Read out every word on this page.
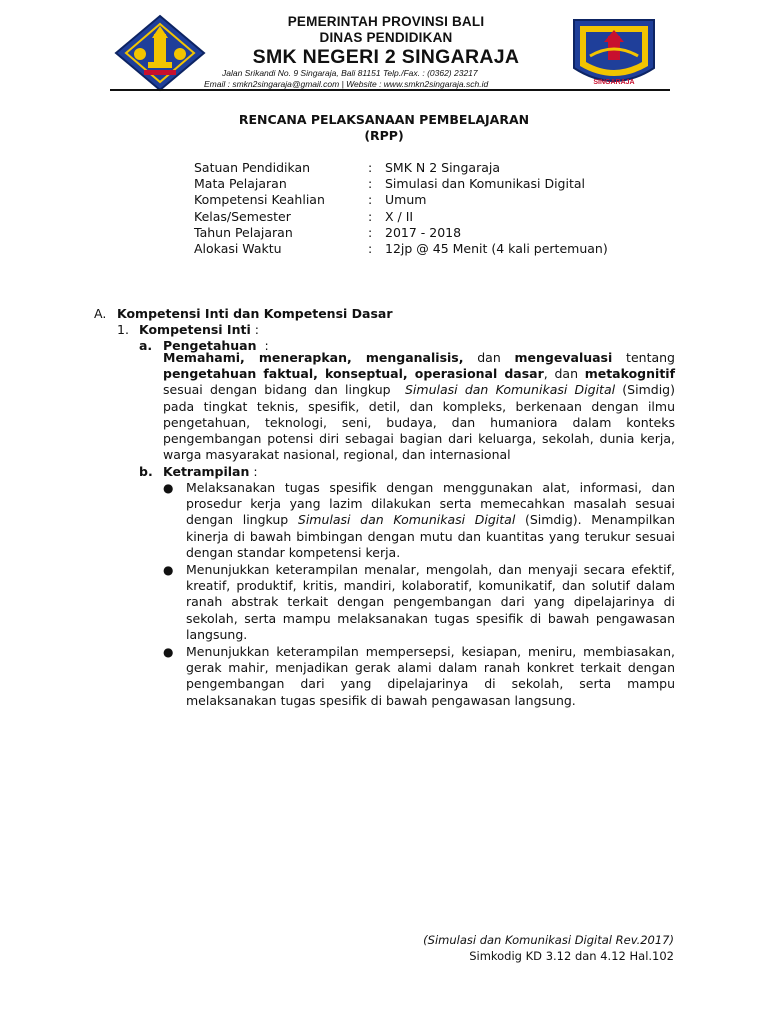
PEMERINTAH PROVINSI BALI
DINAS PENDIDIKAN
SMK NEGERI 2 SINGARAJA
Jalan Srikandi No. 9 Singaraja, Bali 81151 Telp./Fax. : (0362) 23217
Email : smkn2singaraja@gmail.com | Website : www.smkn2singaraja.sch.id	SINGARAJA
RENCANA PELAKSANAAN PEMBELAJARAN
(RPP)
Satuan Pendidikan	: SMK N 2 Singaraja
Mata Pelajaran	: Simulasi dan Komunikasi Digital
Kompetensi Keahlian	: Umum
Kelas/Semester	: X / II
Tahun Pelajaran	: 2017 - 2018
Alokasi Waktu	: 12jp @ 45 Menit (4 kali pertemuan)
A. Kompetensi Inti dan Kompetensi Dasar
1. Kompetensi Inti :
a. Pengetahuan  :
Memahami, menerapkan, menganalisis, dan mengevaluasi tentang pengetahuan faktual, konseptual, operasional dasar, dan metakognitif sesuai dengan bidang dan lingkup  Simulasi dan Komunikasi Digital (Simdig) pada tingkat teknis, spesifik, detil, dan kompleks, berkenaan dengan ilmu pengetahuan, teknologi, seni, budaya, dan humaniora dalam konteks pengembangan potensi diri sebagai bagian dari keluarga, sekolah, dunia kerja, warga masyarakat nasional, regional, dan internasional
b. Ketrampilan :
● Melaksanakan tugas spesifik dengan menggunakan alat, informasi, dan prosedur kerja yang lazim dilakukan serta memecahkan masalah sesuai dengan lingkup Simulasi dan Komunikasi Digital (Simdig). Menampilkan kinerja di bawah bimbingan dengan mutu dan kuantitas yang terukur sesuai dengan standar kompetensi kerja.
● Menunjukkan keterampilan menalar, mengolah, dan menyaji secara efektif, kreatif, produktif, kritis, mandiri, kolaboratif, komunikatif, dan solutif dalam ranah abstrak terkait dengan pengembangan dari yang dipelajarinya di sekolah, serta mampu melaksanakan tugas spesifik di bawah pengawasan langsung.
● Menunjukkan keterampilan mempersepsi, kesiapan, meniru, membiasakan, gerak mahir, menjadikan gerak alami dalam ranah konkret terkait dengan pengembangan dari yang dipelajarinya di sekolah, serta mampu melaksanakan tugas spesifik di bawah pengawasan langsung.
(Simulasi dan Komunikasi Digital Rev.2017)
Simkodig KD 3.12 dan 4.12 Hal.102
